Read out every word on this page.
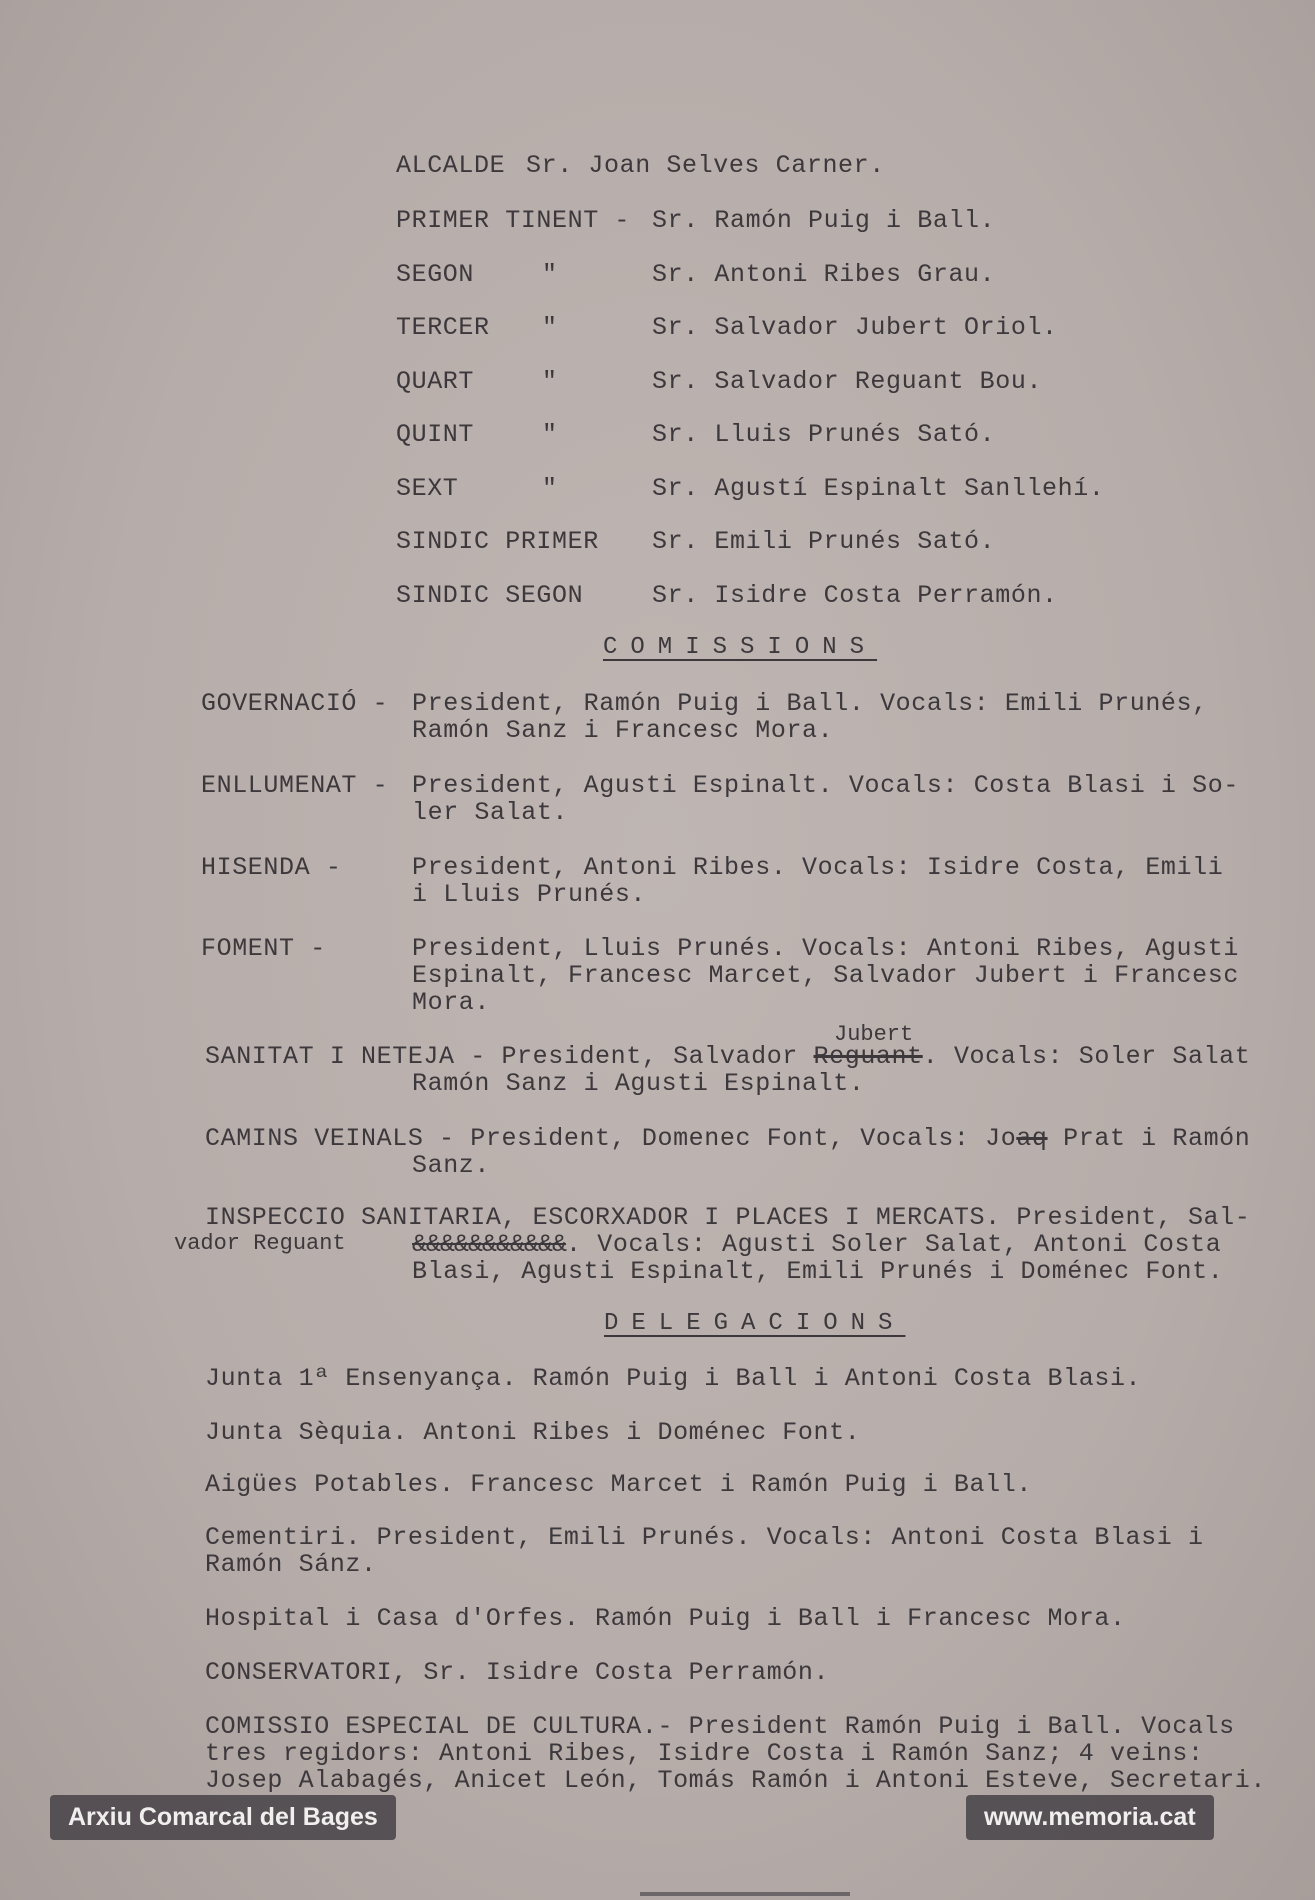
ALCALDE Sr. Joan Selves Carner.
PRIMER TINENT - Sr. Ramón Puig i Ball.
SEGON	"	Sr. Antoni Ribes Grau.
TERCER "	Sr. Salvador Jubert Oriol.
QUART	"	Sr. Salvador Reguant Bou.
QUINT	"	Sr. Lluis Prunés Sató.
SEXT	"	Sr. Agustí Espinalt Sanllehí.
SINDIC PRIMER Sr. Emili Prunés Sató.
SINDIC SEGON	Sr. Isidre Costa Perramón.
COMISSIONS
GOVERNACIÓ - President, Ramón Puig i Ball. Vocals: Emili Prunés,
Ramón Sanz i Francesc Mora.
ENLLUMENAT - President, Agusti Espinalt. Vocals: Costa Blasi i So-
ler Salat.
HISENDA -	President, Antoni Ribes. Vocals: Isidre Costa, Emili
i Lluis Prunés.
FOMENT -	President, Lluis Prunés. Vocals: Antoni Ribes, Agusti
Espinalt, Francesc Marcet, Salvador Jubert i Francesc
Mora.
SANITAT I NETEJA - President, Salvador Reguant. Vocals: Soler Salat
Jubert
Ramón Sanz i Agusti Espinalt.
CAMINS VEINALS - President, Domenec Font, Vocals: Joaq Prat i Ramón
Sanz.
INSPECCIO SANITARIA, ESCORXADOR I PLACES I MERCATS. President, Sal-
vador Reguant	&&&&&&&&&&&. Vocals: Agusti Soler Salat, Antoni Costa
Blasi, Agusti Espinalt, Emili Prunés i Doménec Font.
DELEGACIONS
Junta 1ª Ensenyança. Ramón Puig i Ball i Antoni Costa Blasi.
Junta Sèquia. Antoni Ribes i Doménec Font.
Aigües Potables. Francesc Marcet i Ramón Puig i Ball.
Cementiri. President, Emili Prunés. Vocals: Antoni Costa Blasi i
Ramón Sánz.
Hospital i Casa d'Orfes. Ramón Puig i Ball i Francesc Mora.
CONSERVATORI, Sr. Isidre Costa Perramón.
COMISSIO ESPECIAL DE CULTURA.- President Ramón Puig i Ball. Vocals
tres regidors: Antoni Ribes, Isidre Costa i Ramón Sanz; 4 veins:
Josep Alabagés, Anicet León, Tomás Ramón i Antoni Esteve, Secretari.
Arxiu Comarcal del Bages	www.memoria.cat
